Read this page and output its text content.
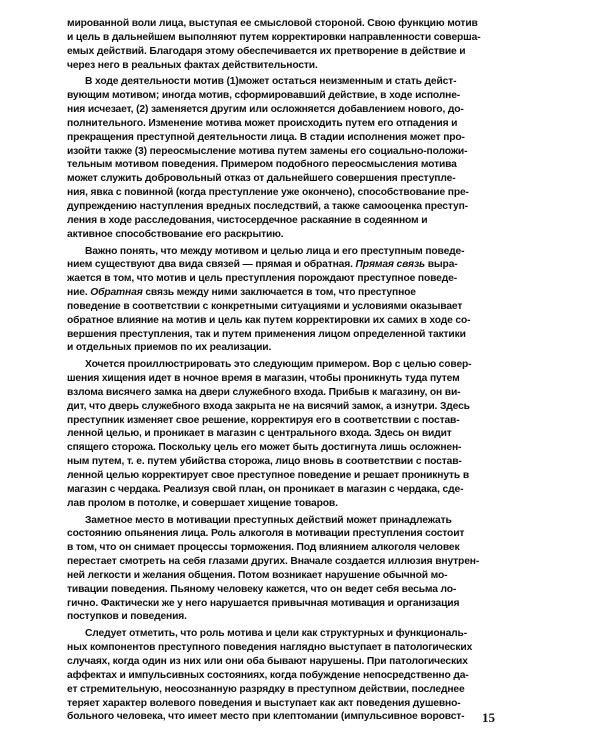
мированной воли лица, выступая ее смысловой стороной. Свою функцию мотив
и цель в дальнейшем выполняют путем корректировки направленности соверша-
емых действий. Благодаря этому обеспечивается их претворение в действие и
через него в реальных фактах действительности.
В ходе деятельности мотив (1)может остаться неизменным и стать дейст-
вующим мотивом; иногда мотив, сформировавший действие, в ходе исполне-
ния исчезает, (2) заменяется другим или осложняется добавлением нового, до-
полнительного. Изменение мотива может происходить путем его отпадения и
прекращения преступной деятельности лица. В стадии исполнения может про-
изойти также (3) переосмысление мотива путем замены его социально-положи-
тельным мотивом поведения. Примером подобного переосмысления мотива
может служить добровольный отказ от дальнейшего совершения преступле-
ния, явка с повинной (когда преступление уже окончено), способствование пре-
дупреждению наступления вредных последствий, а также самооценка преступ-
ления в ходе расследования, чистосердечное раскаяние в содеянном и
активное способствование его раскрытию.
Важно понять, что между мотивом и целью лица и его преступным поведе-
нием существуют два вида связей — прямая и обратная. Прямая связь выра-
жается в том, что мотив и цель преступления порождают преступное поведе-
ние. Обратная связь между ними заключается в том, что преступное
поведение в соответствии с конкретными ситуациями и условиями оказывает
обратное влияние на мотив и цель как путем корректировки их самих в ходе со-
вершения преступления, так и путем применения лицом определенной тактики
и отдельных приемов по их реализации.
Хочется проиллюстрировать это следующим примером. Вор с целью совер-
шения хищения идет в ночное время в магазин, чтобы проникнуть туда путем
взлома висячего замка на двери служебного входа. Прибыв к магазину, он ви-
дит, что дверь служебного входа закрыта не на висячий замок, а изнутри. Здесь
преступник изменяет свое решение, корректируя его в соответствии с постав-
ленной целью, и проникает в магазин с центрального входа. Здесь он видит
спящего сторожа. Поскольку цель его может быть достигнута лишь осложнен-
ным путем, т. е. путем убийства сторожа, лицо вновь в соответствии с постав-
ленной целью корректирует свое преступное поведение и решает проникнуть в
магазин с чердака. Реализуя свой план, он проникает в магазин с чердака, сде-
лав пролом в потолке, и совершает хищение товаров.
Заметное место в мотивации преступных действий может принадлежать
состоянию опьянения лица. Роль алкоголя в мотивации преступления состоит
в том, что он снимает процессы торможения. Под влиянием алкоголя человек
перестает смотреть на себя глазами других. Вначале создается иллюзия внутрен-
ней легкости и желания общения. Потом возникает нарушение обычной мо-
тивации поведения. Пьяному человеку кажется, что он ведет себя весьма ло-
гично. Фактически же у него нарушается привычная мотивация и организация
поступков и поведения.
Следует отметить, что роль мотива и цели как структурных и функциональ-
ных компонентов преступного поведения наглядно выступает в патологических
случаях, когда один из них или они оба бывают нарушены. При патологических
аффектах и импульсивных состояниях, когда побуждение непосредственно да-
ет стремительную, неосознанную разрядку в преступном действии, последнее
теряет характер волевого поведения и выступает как акт поведения душевно-
больного человека, что имеет место при клептомании (импульсивное воровст-	15
